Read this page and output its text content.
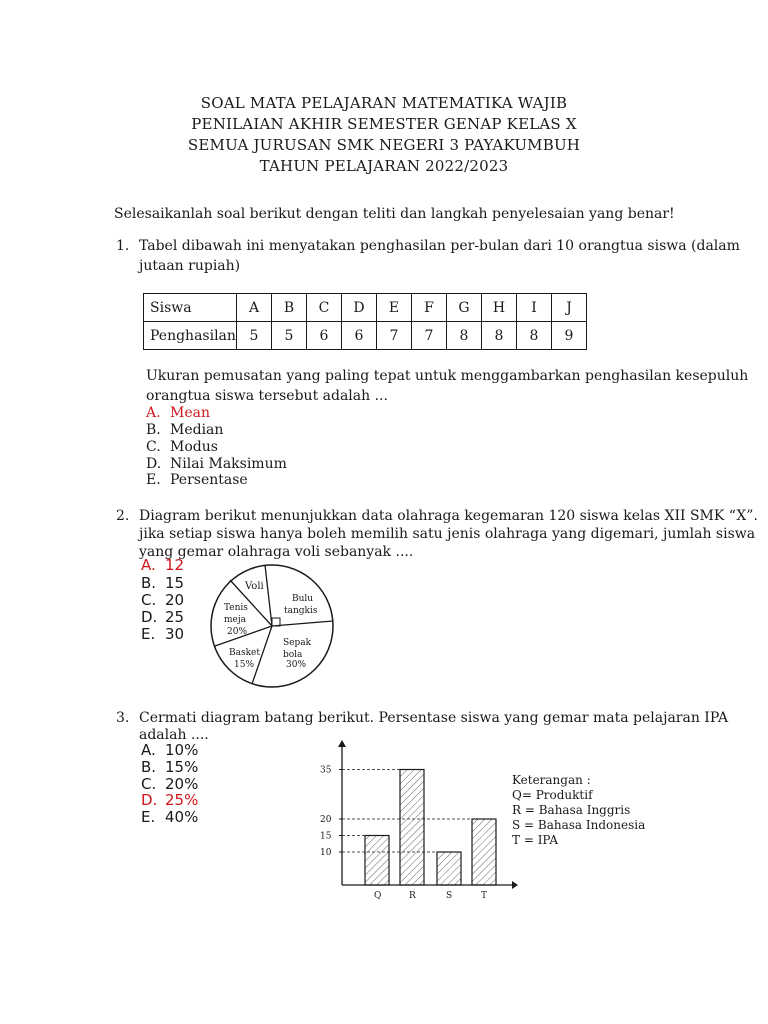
SOAL MATA PELAJARAN MATEMATIKA WAJIB
PENILAIAN AKHIR SEMESTER GENAP KELAS X
SEMUA JURUSAN SMK NEGERI 3 PAYAKUMBUH
TAHUN PELAJARAN 2022/2023
Selesaikanlah soal berikut dengan teliti dan langkah penyelesaian yang benar!
1. Tabel dibawah ini menyatakan penghasilan per-bulan dari 10 orangtua siswa (dalam
jutaan rupiah)
Siswa	A	B	C	D	E	F	G	H	I	J
Penghasilan	5	5	6	6	7	7	8	8	8	9
Ukuran pemusatan yang paling tepat untuk menggambarkan penghasilan kesepuluh
orangtua siswa tersebut adalah ...
A. Mean
B. Median
C. Modus
D. Nilai Maksimum
E. Persentase
2. Diagram berikut menunjukkan data olahraga kegemaran 120 siswa kelas XII SMK “X”.
jika setiap siswa hanya boleh memilih satu jenis olahraga yang digemari, jumlah siswa
yang gemar olahraga voli sebanyak ....
A. 12
B. 15
C. 20
D. 25
E. 30
Voli
Bulu
tangkis
Tenis
meja
20%
Sepak
bola
30%
Basket
15%
3. Cermati diagram batang berikut. Persentase siswa yang gemar mata pelajaran IPA
adalah ....
A. 10%
B. 15%
C. 20%
D. 25%
E. 40%
35
20
15
10
Q	R	S	T
Keterangan :
Q= Produktif
R = Bahasa Inggris
S = Bahasa Indonesia
T = IPA
